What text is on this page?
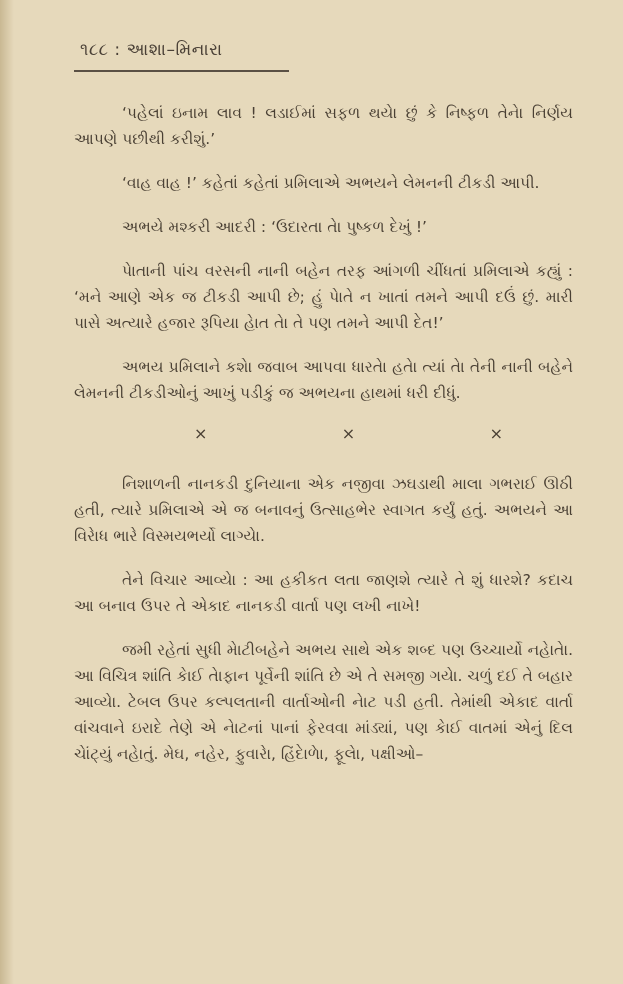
૧૮૮ : આશા–મિનારા

‘પહેલાં ઇનામ લાવ ! લડાઈમાં સફળ થયેા છું કે નિષ્ફળ તેનેા નિર્ણય આપણે પછીથી કરીશું.’

‘વાહ વાહ !’ કહેતાં કહેતાં પ્રમિલાએ અભયને લેમનની ટીકડી આપી.

અભયે મશ્કરી આદરી : ‘ઉદારતા તેા પુષ્કળ દેખું !’

પેાતાની પાંચ વરસની નાની બહેન તરફ આંગળી ચીંધતાં પ્રમિલાએ કહ્યું : ‘મને આણે એક જ ટીકડી આપી છે; હું પેાતે ન ખાતાં તમને આપી દઉં છું. મારી પાસે અત્યારે હજાર રૂપિયા હેાત તેા તે પણ તમને આપી દેત!’

અભય પ્રમિલાને કશેા જવાબ આપવા ધારતેા હતેા ત્યાં તેા તેની નાની બહેને લેમનની ટીકડીઓનું આખું પડીકું જ અભયના હાથમાં ધરી દીધું.

×	×	×

નિશાળની નાનકડી દુનિયાના એક નજીવા ઝઘડાથી માલા ગભરાઈ ઊઠી હતી, ત્યારે પ્રમિલાએ એ જ બનાવનું ઉત્સાહભેર સ્વાગત કર્યું હતું. અભયને આ વિરેાધ ભારે વિસ્મયભર્યો લાગ્યેા.

તેને વિચાર આવ્યેા : આ હકીકત લતા જાણશે ત્યારે તે શું ધારશે? કદાચ આ બનાવ ઉપર તે એકાદ નાનકડી વાર્તા પણ લખી નાખે!

જમી રહેતાં સુધી મેાટીબહેને અભય સાથે એક શબ્દ પણ ઉચ્ચાર્યો નહેાતેા. આ વિચિત્ર શાંતિ કેાઈ તેાફાન પૂર્વેની શાંતિ છે એ તે સમજી ગયેા. ચળું દઈ તે બહાર આવ્યેા. ટેબલ ઉપર કલ્પલતાની વાર્તાઓની નેાટ પડી હતી. તેમાંથી એકાદ વાર્તા વાંચવાને ઇરાદે તેણે એ નેાટનાં પાનાં ફેરવવા માંડ્યાં, પણ કેાઈ વાતમાં એનું દિલ ચેાંટ્યું નહેાતું. મેઘ, નહેર, ફુવારેા, હિંદેાળેા, ફૂલેા, પક્ષીઓ–
